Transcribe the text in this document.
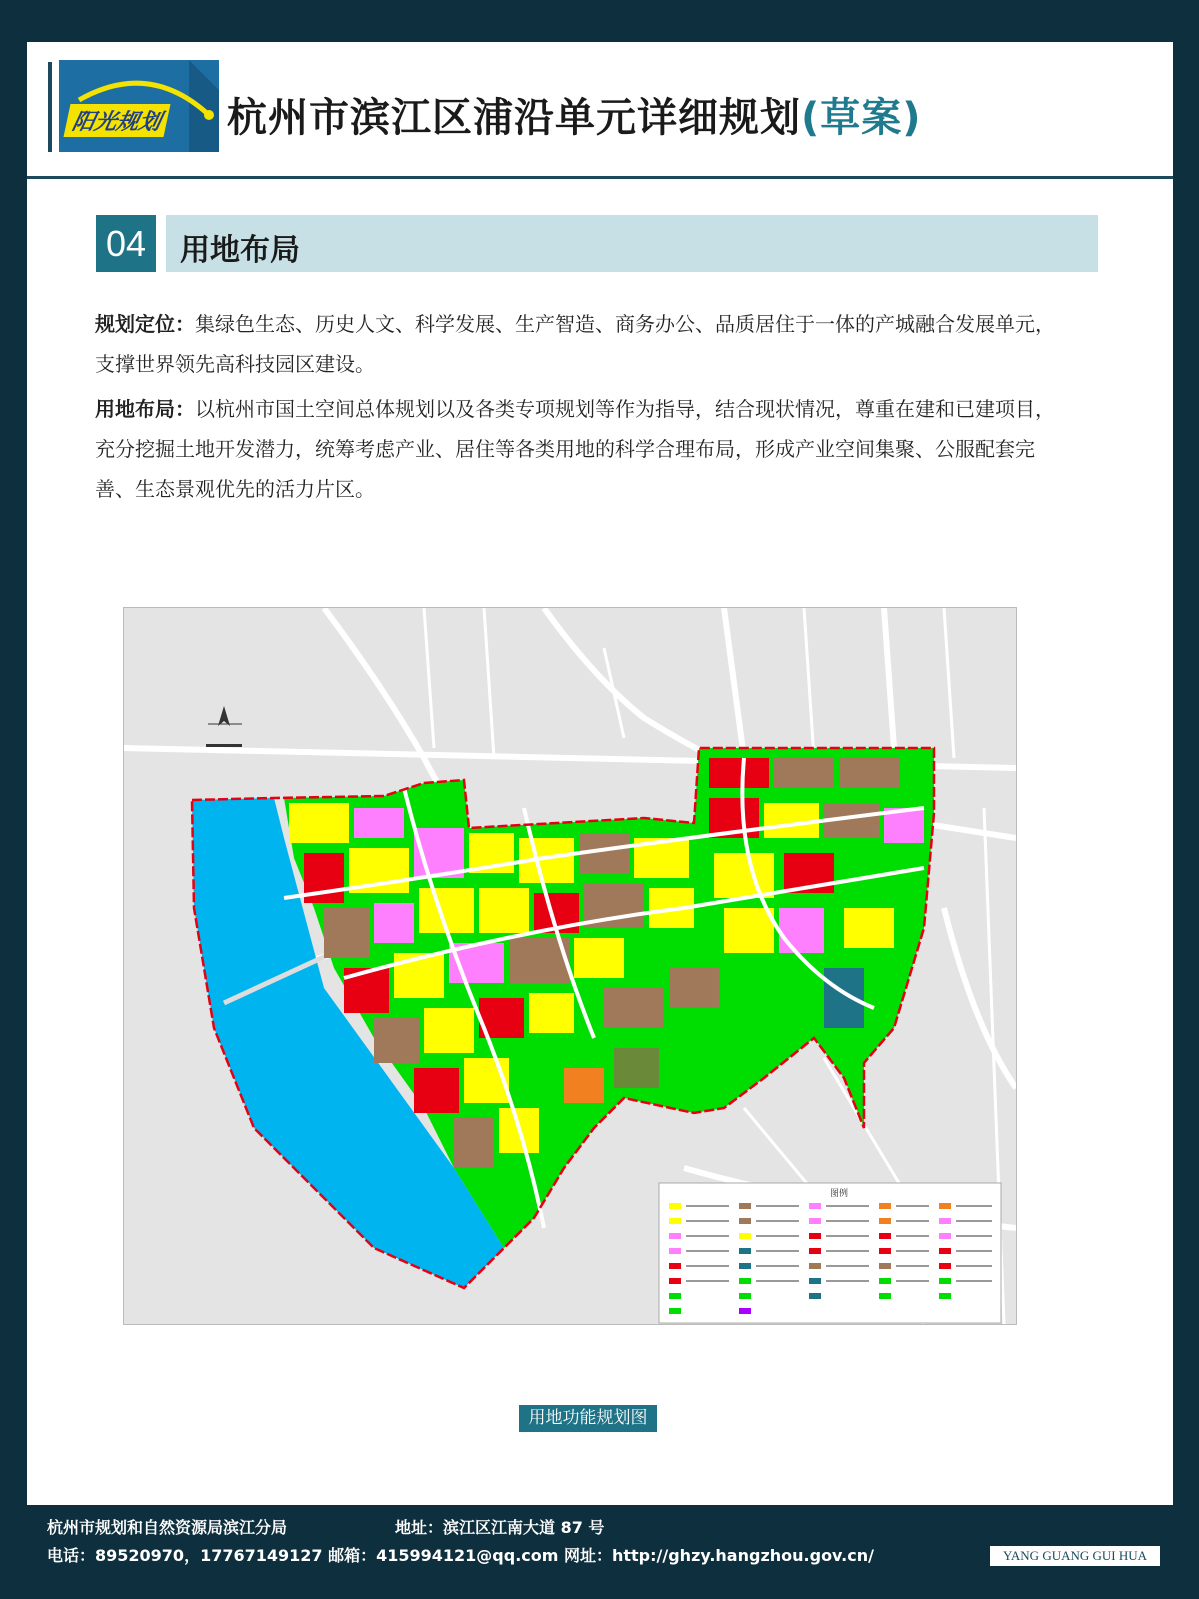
阳光规划 杭州市滨江区浦沿单元详细规划(草案)
04	用地布局
规划定位：集绿色生态、历史人文、科学发展、生产智造、商务办公、品质居住于一体的产城融合发展单元，支撑世界领先高科技园区建设。
用地布局：以杭州市国土空间总体规划以及各类专项规划等作为指导，结合现状情况，尊重在建和已建项目，充分挖掘土地开发潜力，统筹考虑产业、居住等各类用地的科学合理布局，形成产业空间集聚、公服配套完善、生态景观优先的活力片区。
图例
用地功能规划图
杭州市规划和自然资源局滨江分局	地址：滨江区江南大道 87 号
电话：89520970，17767149127 邮箱：415994121@qq.com 网址：http://ghzy.hangzhou.gov.cn/	YANG GUANG GUI HUA
